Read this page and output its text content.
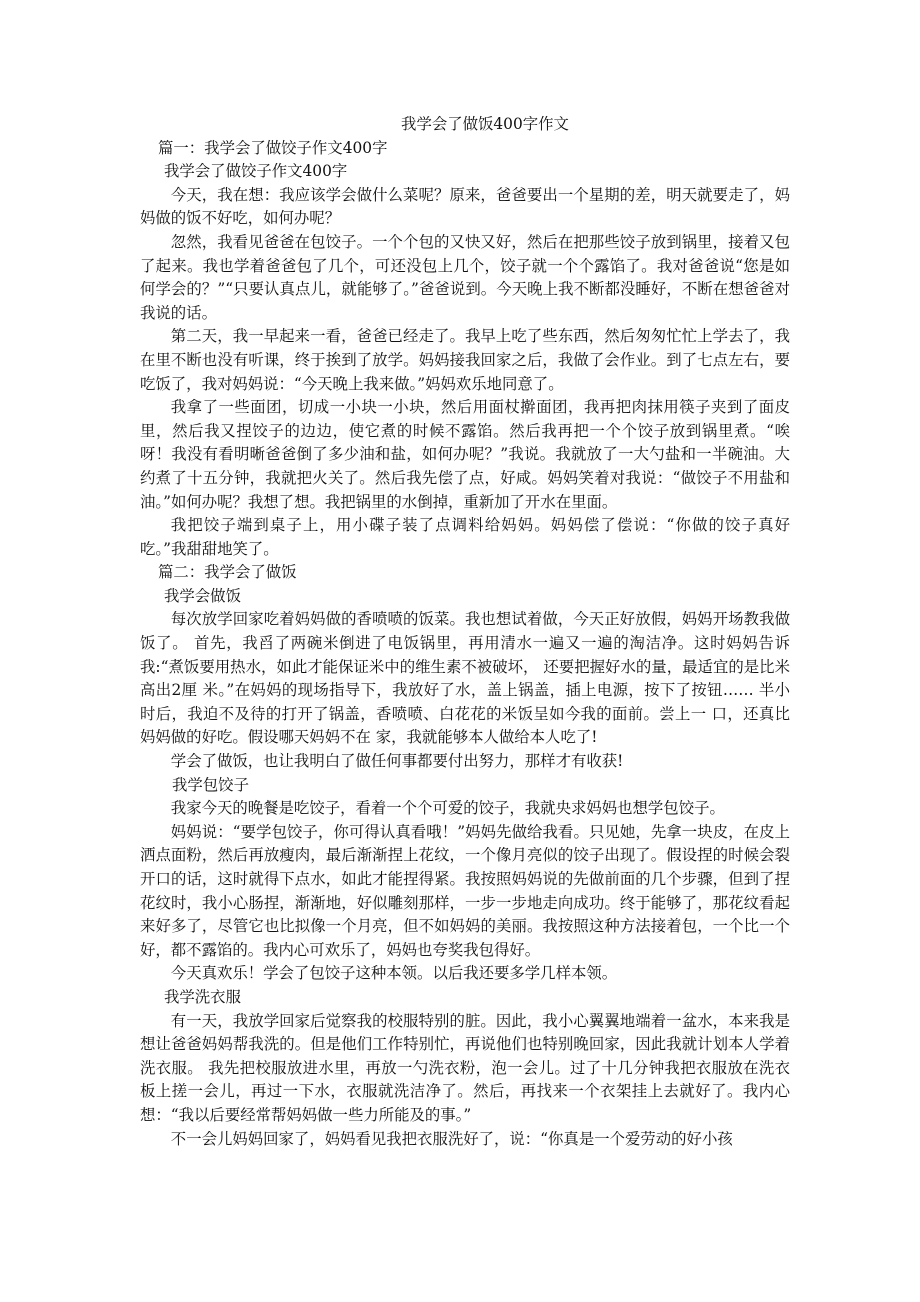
我学会了做饭400字作文

篇一：我学会了做饺子作文400字

我学会了做饺子作文400字

今天，我在想：我应该学会做什么菜呢？原来，爸爸要出一个星期的差，明天就要走了，妈妈做的饭不好吃，如何办呢？

忽然，我看见爸爸在包饺子。一个个包的又快又好，然后在把那些饺子放到锅里，接着又包了起来。我也学着爸爸包了几个，可还没包上几个，饺子就一个个露馅了。我对爸爸说“您是如何学会的？”“只要认真点儿，就能够了。”爸爸说到。今天晚上我不断都没睡好，不断在想爸爸对我说的话。

第二天，我一早起来一看，爸爸已经走了。我早上吃了些东西，然后匆匆忙忙上学去了，我在里不断也没有听课，终于挨到了放学。妈妈接我回家之后，我做了会作业。到了七点左右，要吃饭了，我对妈妈说：“今天晚上我来做。”妈妈欢乐地同意了。

我拿了一些面团，切成一小块一小块，然后用面杖擀面团，我再把肉抹用筷子夹到了面皮里，然后我又捏饺子的边边，使它煮的时候不露馅。然后我再把一个个饺子放到锅里煮。“唉呀！我没有看明晰爸爸倒了多少油和盐，如何办呢？”我说。我就放了一大勺盐和一半碗油。大约煮了十五分钟，我就把火关了。然后我先偿了点，好咸。妈妈笑着对我说：“做饺子不用盐和油。”如何办呢？我想了想。我把锅里的水倒掉，重新加了开水在里面。

我把饺子端到桌子上，用小碟子装了点调料给妈妈。妈妈偿了偿说：“你做的饺子真好吃。”我甜甜地笑了。

篇二：我学会了做饭

我学会做饭

每次放学回家吃着妈妈做的香喷喷的饭菜。我也想试着做，今天正好放假，妈妈开场教我做饭了。 首先，我舀了两碗米倒进了电饭锅里，再用清水一遍又一遍的淘洁净。这时妈妈告诉我:“煮饭要用热水，如此才能保证米中的维生素不被破坏， 还要把握好水的量，最适宜的是比米高出2厘 米。”在妈妈的现场指导下，我放好了水，盖上锅盖，插上电源，按下了按钮…… 半小时后，我迫不及待的打开了锅盖，香喷喷、白花花的米饭呈如今我的面前。尝上一 口，还真比妈妈做的好吃。假设哪天妈妈不在 家，我就能够本人做给本人吃了!

学会了做饭，也让我明白了做任何事都要付出努力，那样才有收获!

我学包饺子

我家今天的晚餐是吃饺子，看着一个个可爱的饺子，我就央求妈妈也想学包饺子。

妈妈说：“要学包饺子，你可得认真看哦！”妈妈先做给我看。只见她，先拿一块皮，在皮上洒点面粉，然后再放瘦肉，最后渐渐捏上花纹，一个像月亮似的饺子出现了。假设捏的时候会裂开口的话，这时就得下点水，如此才能捏得紧。我按照妈妈说的先做前面的几个步骤，但到了捏花纹时，我小心肠捏，渐渐地，好似雕刻那样，一步一步地走向成功。终于能够了，那花纹看起来好多了，尽管它也比拟像一个月亮，但不如妈妈的美丽。我按照这种方法接着包，一个比一个好，都不露馅的。我内心可欢乐了，妈妈也夸奖我包得好。

今天真欢乐！学会了包饺子这种本领。以后我还要多学几样本领。

我学洗衣服

有一天，我放学回家后觉察我的校服特别的脏。因此，我小心翼翼地端着一盆水，本来我是想让爸爸妈妈帮我洗的。但是他们工作特别忙，再说他们也特别晚回家，因此我就计划本人学着洗衣服。 我先把校服放进水里，再放一勺洗衣粉，泡一会儿。过了十几分钟我把衣服放在洗衣板上搓一会儿，再过一下水，衣服就洗洁净了。然后，再找来一个衣架挂上去就好了。我内心想：“我以后要经常帮妈妈做一些力所能及的事。”

不一会儿妈妈回家了，妈妈看见我把衣服洗好了，说：“你真是一个爱劳动的好小孩
